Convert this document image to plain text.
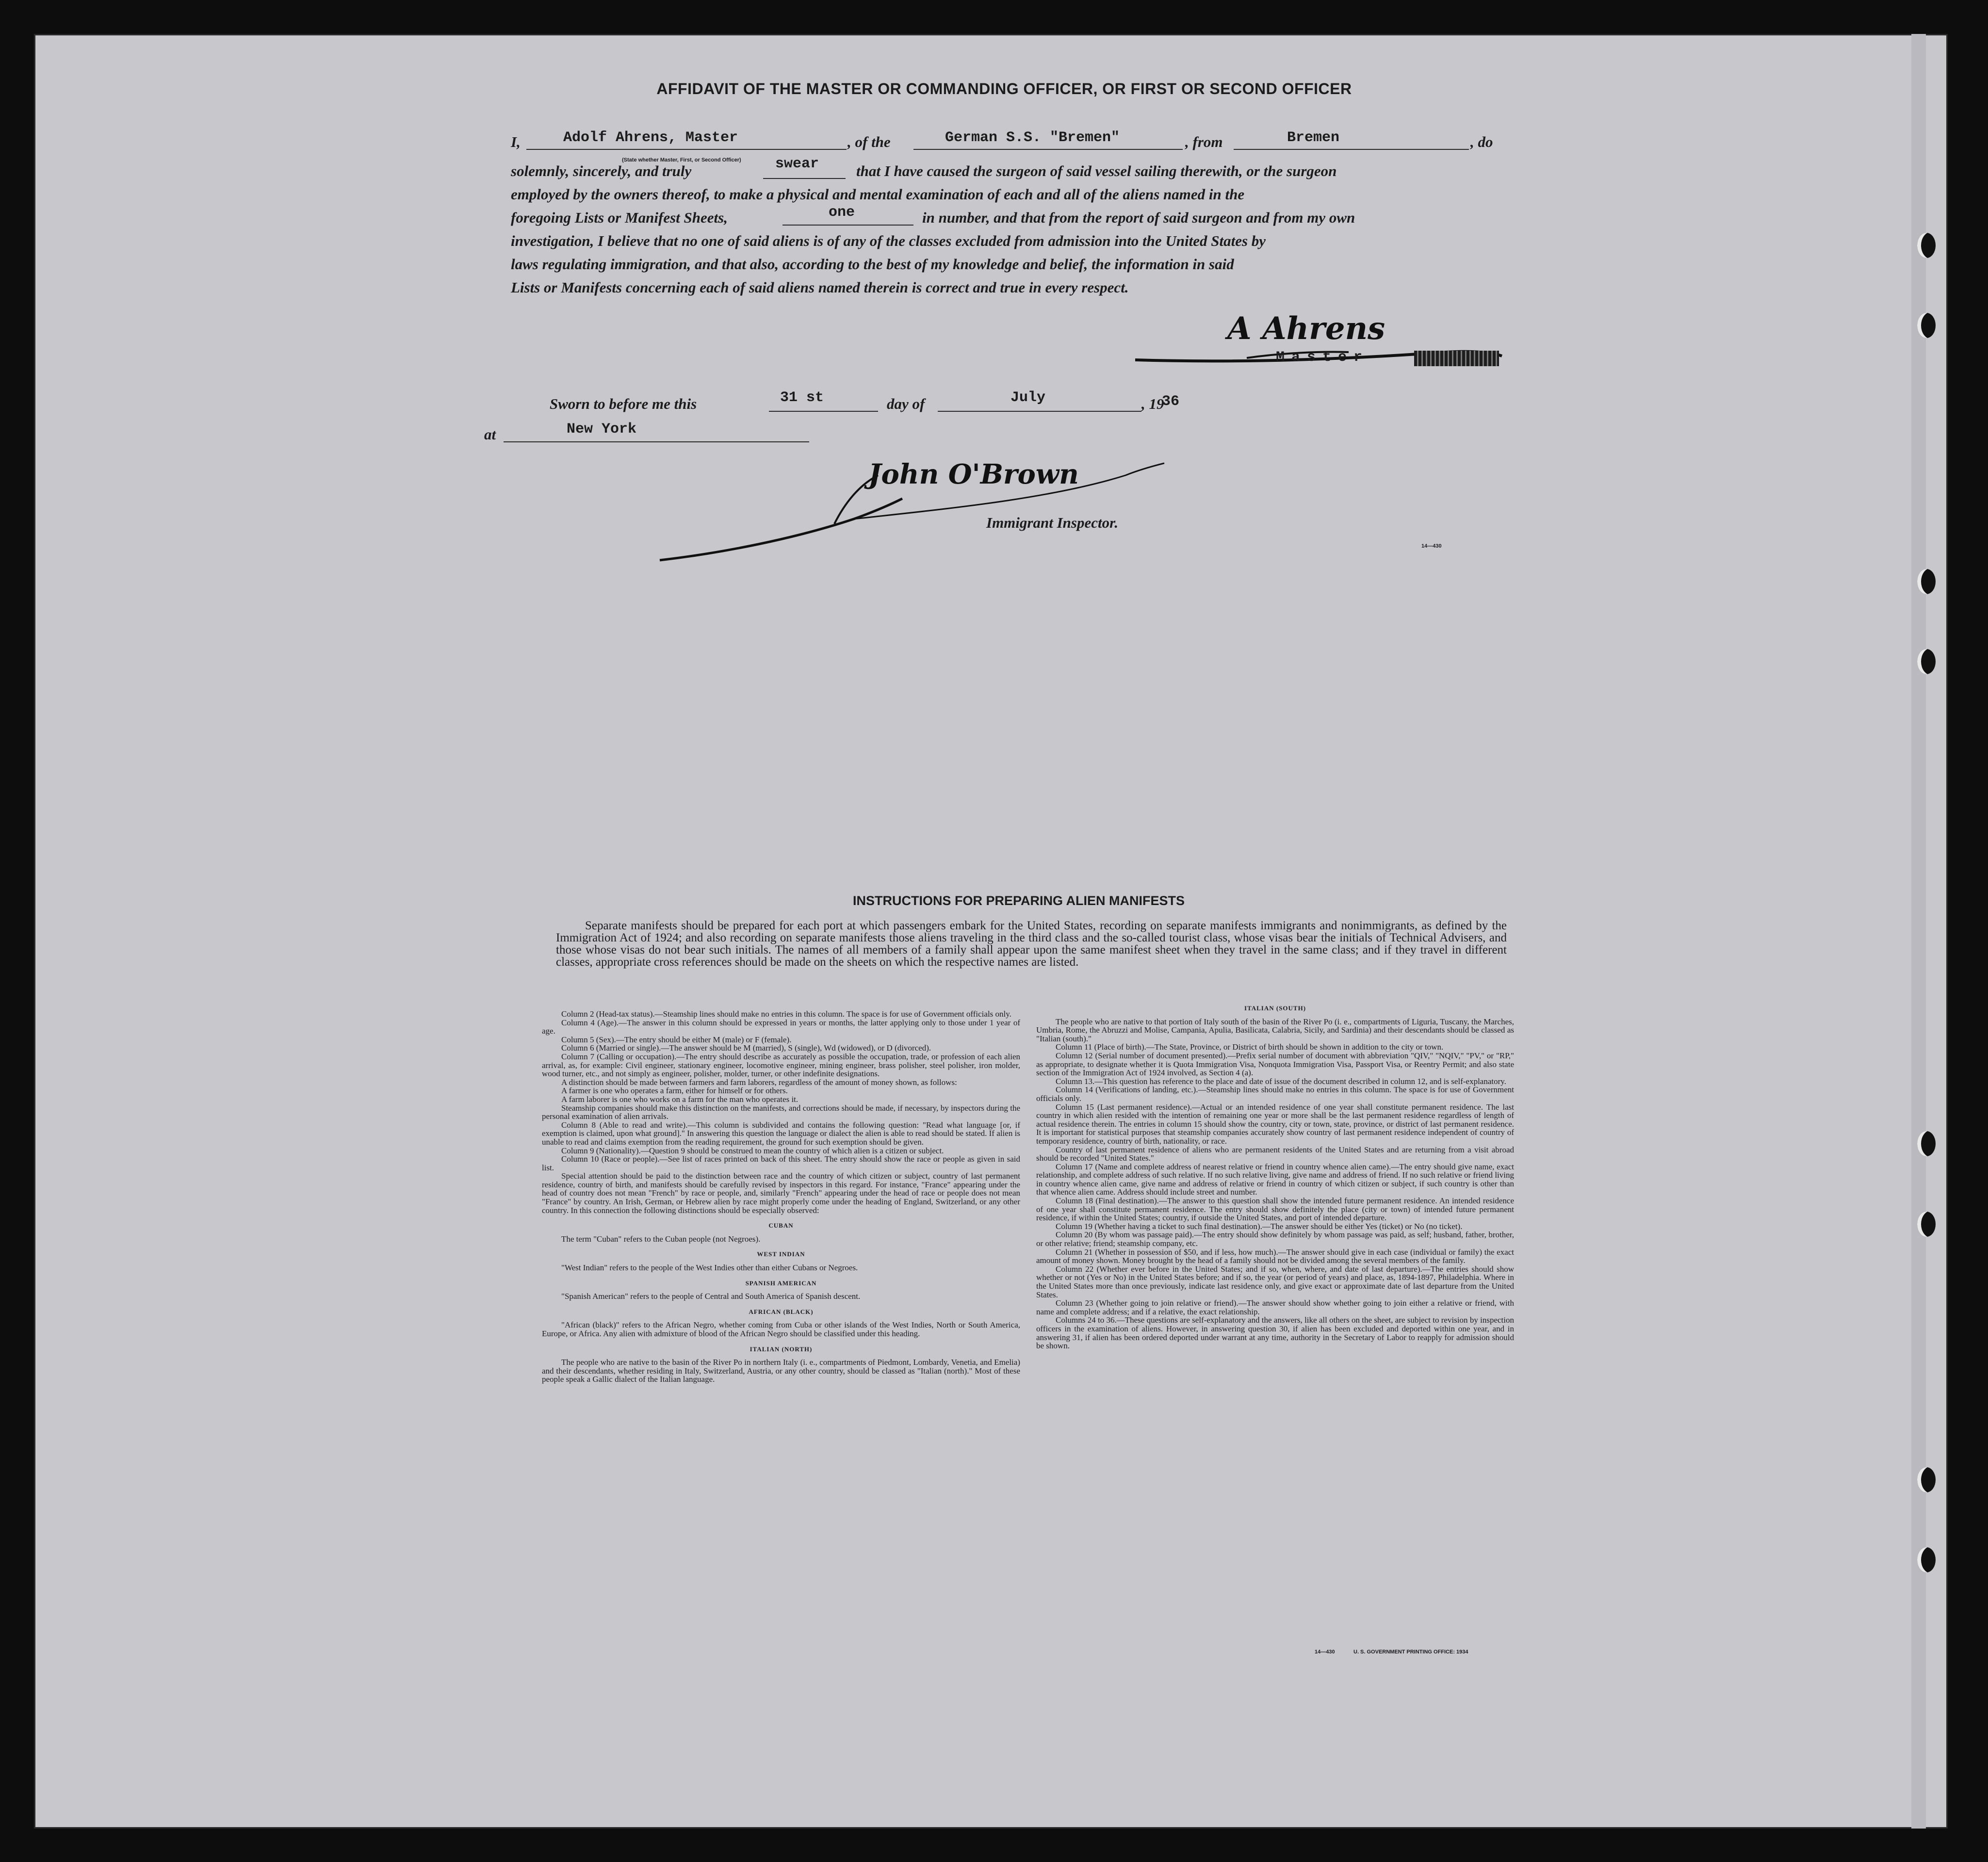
AFFIDAVIT OF THE MASTER OR COMMANDING OFFICER, OR FIRST OR SECOND OFFICER
I,	Adolf Ahrens, Master	, of the	German S.S. "Bremen"	, from	Bremen	, do
(State whether Master, First, or Second Officer)
solemnly, sincerely, and truly	swear that I have caused the surgeon of said vessel sailing therewith, or the surgeon
employed by the owners thereof, to make a physical and mental examination of each and all of the aliens named in the
foregoing Lists or Manifest Sheets,	one	in number, and that from the report of said surgeon and from my own
investigation, I believe that no one of said aliens is of any of the classes excluded from admission into the United States by
laws regulating immigration, and that also, according to the best of my knowledge and belief, the information in said
Lists or Manifests concerning each of said aliens named therein is correct and true in every respect.
A Ahrens
Master
Sworn to before me this	31 st	day of	July	, 19
36
at	New York
John O'Brown
Immigrant Inspector.
14—430
INSTRUCTIONS FOR PREPARING ALIEN MANIFESTS
Separate manifests should be prepared for each port at which passengers embark for the United States, recording on separate manifests immigrants and nonimmigrants, as defined by the Immigration Act of 1924; and also recording on separate manifests those aliens traveling in the third class and the so-called tourist class, whose visas bear the initials of Technical Advisers, and those whose visas do not bear such initials. The names of all members of a family shall appear upon the same manifest sheet when they travel in the same class; and if they travel in different classes, appropriate cross references should be made on the sheets on which the respective names are listed.

Column 2 (Head-tax status).—Steamship lines should make no entries in this column. The space is for use of Government officials only.

Column 4 (Age).—The answer in this column should be expressed in years or months, the latter applying only to those under 1 year of age.

Column 5 (Sex).—The entry should be either M (male) or F (female).

Column 6 (Married or single).—The answer should be M (married), S (single), Wd (widowed), or D (divorced).

Column 7 (Calling or occupation).—The entry should describe as accurately as possible the occupation, trade, or profession of each alien arrival, as, for example: Civil engineer, stationary engineer, locomotive engineer, mining engineer, brass polisher, steel polisher, iron molder, wood turner, etc., and not simply as engineer, polisher, molder, turner, or other indefinite designations.

A distinction should be made between farmers and farm laborers, regardless of the amount of money shown, as follows:

A farmer is one who operates a farm, either for himself or for others.

A farm laborer is one who works on a farm for the man who operates it.

Steamship companies should make this distinction on the manifests, and corrections should be made, if necessary, by inspectors during the personal examination of alien arrivals.

Column 8 (Able to read and write).—This column is subdivided and contains the following question: "Read what language [or, if exemption is claimed, upon what ground]." In answering this question the language or dialect the alien is able to read should be stated. If alien is unable to read and claims exemption from the reading requirement, the ground for such exemption should be given.

Column 9 (Nationality).—Question 9 should be construed to mean the country of which alien is a citizen or subject.

Column 10 (Race or people).—See list of races printed on back of this sheet. The entry should show the race or people as given in said list.

Special attention should be paid to the distinction between race and the country of which citizen or subject, country of last permanent residence, country of birth, and manifests should be carefully revised by inspectors in this regard. For instance, "France" appearing under the head of country does not mean "French" by race or people, and, similarly "French" appearing under the head of race or people does not mean "France" by country. An Irish, German, or Hebrew alien by race might properly come under the heading of England, Switzerland, or any other country. In this connection the following distinctions should be especially observed:

CUBAN

The term "Cuban" refers to the Cuban people (not Negroes).

WEST INDIAN

"West Indian" refers to the people of the West Indies other than either Cubans or Negroes.

SPANISH AMERICAN

"Spanish American" refers to the people of Central and South America of Spanish descent.

AFRICAN (BLACK)

"African (black)" refers to the African Negro, whether coming from Cuba or other islands of the West Indies, North or South America, Europe, or Africa. Any alien with admixture of blood of the African Negro should be classified under this heading.

ITALIAN (NORTH)

The people who are native to the basin of the River Po in northern Italy (i. e., compartments of Piedmont, Lombardy, Venetia, and Emelia) and their descendants, whether residing in Italy, Switzerland, Austria, or any other country, should be classed as "Italian (north)." Most of these people speak a Gallic dialect of the Italian language.

ITALIAN (SOUTH)

The people who are native to that portion of Italy south of the basin of the River Po (i. e., compartments of Liguria, Tuscany, the Marches, Umbria, Rome, the Abruzzi and Molise, Campania, Apulia, Basilicata, Calabria, Sicily, and Sardinia) and their descendants should be classed as "Italian (south)."

Column 11 (Place of birth).—The State, Province, or District of birth should be shown in addition to the city or town.

Column 12 (Serial number of document presented).—Prefix serial number of document with abbreviation "QIV," "NQIV," "PV," or "RP," as appropriate, to designate whether it is Quota Immigration Visa, Nonquota Immigration Visa, Passport Visa, or Reentry Permit; and also state section of the Immigration Act of 1924 involved, as Section 4 (a).

Column 13.—This question has reference to the place and date of issue of the document described in column 12, and is self-explanatory.

Column 14 (Verifications of landing, etc.).—Steamship lines should make no entries in this column. The space is for use of Government officials only.

Column 15 (Last permanent residence).—Actual or an intended residence of one year shall constitute permanent residence. The last country in which alien resided with the intention of remaining one year or more shall be the last permanent residence regardless of length of actual residence therein. The entries in column 15 should show the country, city or town, state, province, or district of last permanent residence. It is important for statistical purposes that steamship companies accurately show country of last permanent residence independent of country of temporary residence, country of birth, nationality, or race.

Country of last permanent residence of aliens who are permanent residents of the United States and are returning from a visit abroad should be recorded "United States."

Column 17 (Name and complete address of nearest relative or friend in country whence alien came).—The entry should give name, exact relationship, and complete address of such relative. If no such relative living, give name and address of friend. If no such relative or friend living in country whence alien came, give name and address of relative or friend in country of which citizen or subject, if such country is other than that whence alien came. Address should include street and number.

Column 18 (Final destination).—The answer to this question shall show the intended future permanent residence. An intended residence of one year shall constitute permanent residence. The entry should show definitely the place (city or town) of intended future permanent residence, if within the United States; country, if outside the United States, and port of intended departure.

Column 19 (Whether having a ticket to such final destination).—The answer should be either Yes (ticket) or No (no ticket).

Column 20 (By whom was passage paid).—The entry should show definitely by whom passage was paid, as self; husband, father, brother, or other relative; friend; steamship company, etc.

Column 21 (Whether in possession of $50, and if less, how much).—The answer should give in each case (individual or family) the exact amount of money shown. Money brought by the head of a family should not be divided among the several members of the family.

Column 22 (Whether ever before in the United States; and if so, when, where, and date of last departure).—The entries should show whether or not (Yes or No) in the United States before; and if so, the year (or period of years) and place, as, 1894-1897, Philadelphia. Where in the United States more than once previously, indicate last residence only, and give exact or approximate date of last departure from the United States.

Column 23 (Whether going to join relative or friend).—The answer should show whether going to join either a relative or friend, with name and complete address; and if a relative, the exact relationship.

Columns 24 to 36.—These questions are self-explanatory and the answers, like all others on the sheet, are subject to revision by inspection officers in the examination of aliens. However, in answering question 30, if alien has been excluded and deported within one year, and in answering 31, if alien has been ordered deported under warrant at any time, authority in the Secretary of Labor to reapply for admission should be shown.

14—430	U. S. GOVERNMENT PRINTING OFFICE: 1934
